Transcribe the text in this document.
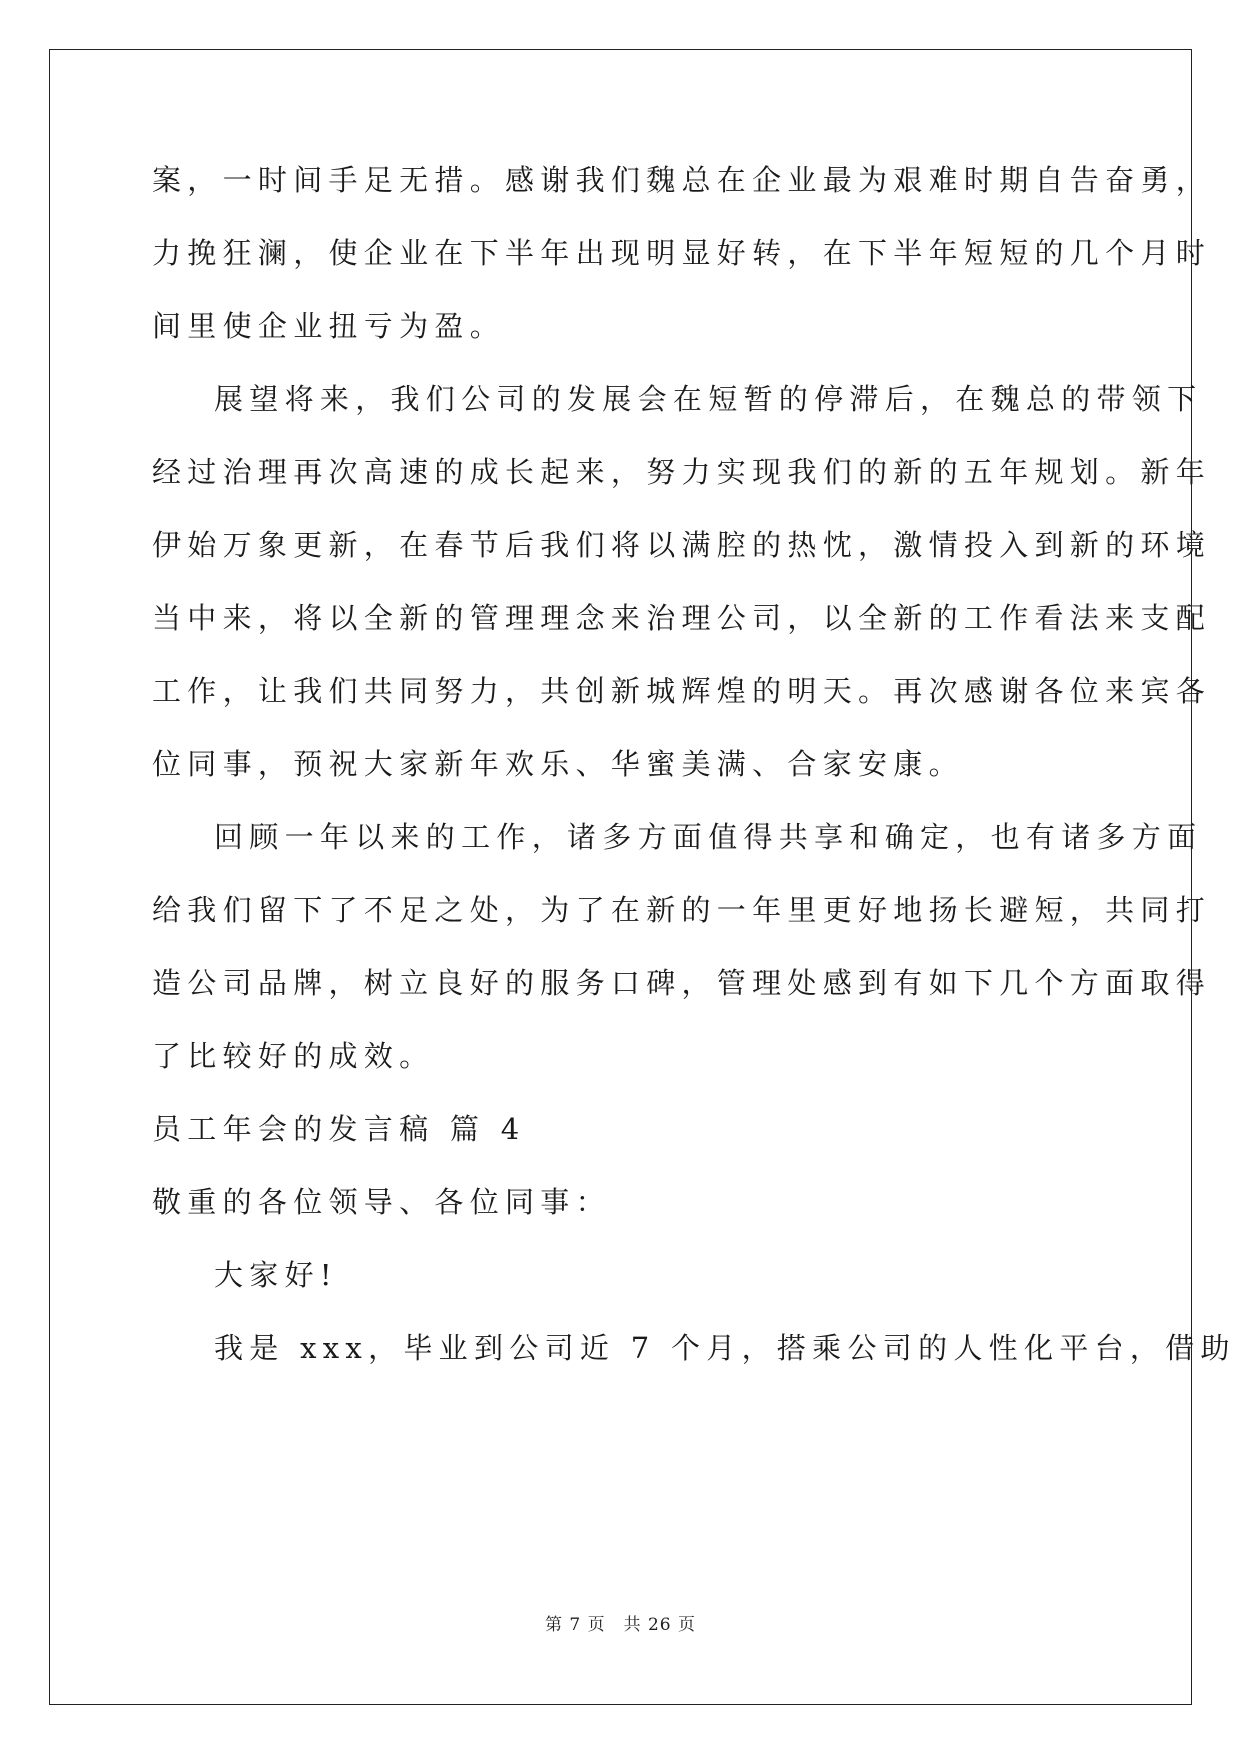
案，一时间手足无措。感谢我们魏总在企业最为艰难时期自告奋勇，
力挽狂澜，使企业在下半年出现明显好转，在下半年短短的几个月时
间里使企业扭亏为盈。
展望将来，我们公司的发展会在短暂的停滞后，在魏总的带领下
经过治理再次高速的成长起来，努力实现我们的新的五年规划。新年
伊始万象更新，在春节后我们将以满腔的热忱，激情投入到新的环境
当中来，将以全新的管理理念来治理公司，以全新的工作看法来支配
工作，让我们共同努力，共创新城辉煌的明天。再次感谢各位来宾各
位同事，预祝大家新年欢乐、华蜜美满、合家安康。
回顾一年以来的工作，诸多方面值得共享和确定，也有诸多方面
给我们留下了不足之处，为了在新的一年里更好地扬长避短，共同打
造公司品牌，树立良好的服务口碑，管理处感到有如下几个方面取得
了比较好的成效。
员工年会的发言稿 篇 4
敬重的各位领导、各位同事：
大家好!
我是 xxx，毕业到公司近 7 个月，搭乘公司的人性化平台，借助
第 7 页　共 26 页
